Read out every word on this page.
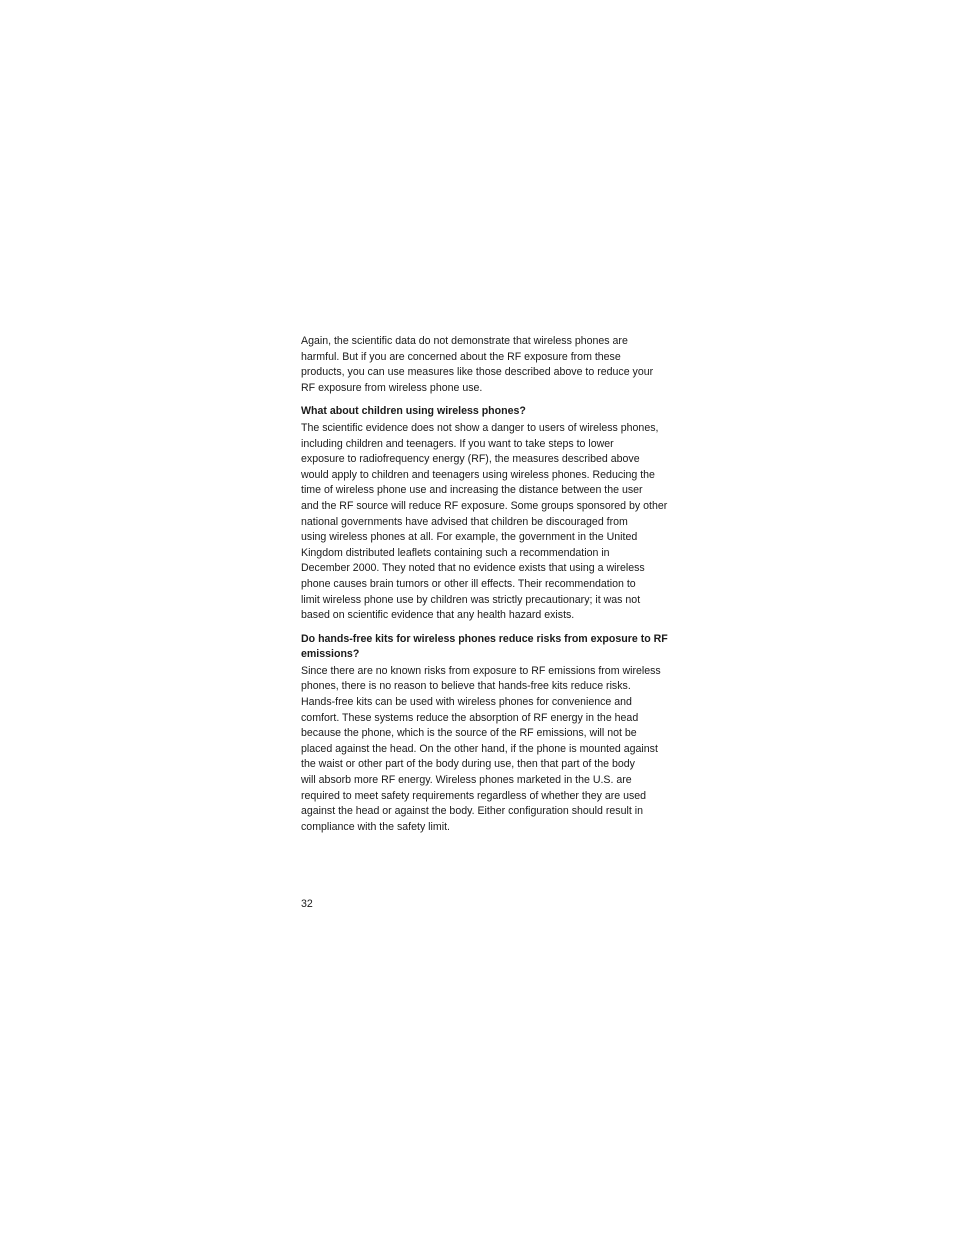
Again, the scientific data do not demonstrate that wireless phones are
harmful. But if you are concerned about the RF exposure from these
products, you can use measures like those described above to reduce your
RF exposure from wireless phone use.
What about children using wireless phones?
The scientific evidence does not show a danger to users of wireless phones,
including children and teenagers. If you want to take steps to lower
exposure to radiofrequency energy (RF), the measures described above
would apply to children and teenagers using wireless phones. Reducing the
time of wireless phone use and increasing the distance between the user
and the RF source will reduce RF exposure. Some groups sponsored by other
national governments have advised that children be discouraged from
using wireless phones at all. For example, the government in the United
Kingdom distributed leaflets containing such a recommendation in
December 2000. They noted that no evidence exists that using a wireless
phone causes brain tumors or other ill effects. Their recommendation to
limit wireless phone use by children was strictly precautionary; it was not
based on scientific evidence that any health hazard exists.
Do hands-free kits for wireless phones reduce risks from exposure to RF
emissions?
Since there are no known risks from exposure to RF emissions from wireless
phones, there is no reason to believe that hands-free kits reduce risks.
Hands-free kits can be used with wireless phones for convenience and
comfort. These systems reduce the absorption of RF energy in the head
because the phone, which is the source of the RF emissions, will not be
placed against the head. On the other hand, if the phone is mounted against
the waist or other part of the body during use, then that part of the body
will absorb more RF energy. Wireless phones marketed in the U.S. are
required to meet safety requirements regardless of whether they are used
against the head or against the body. Either configuration should result in
compliance with the safety limit.
32
